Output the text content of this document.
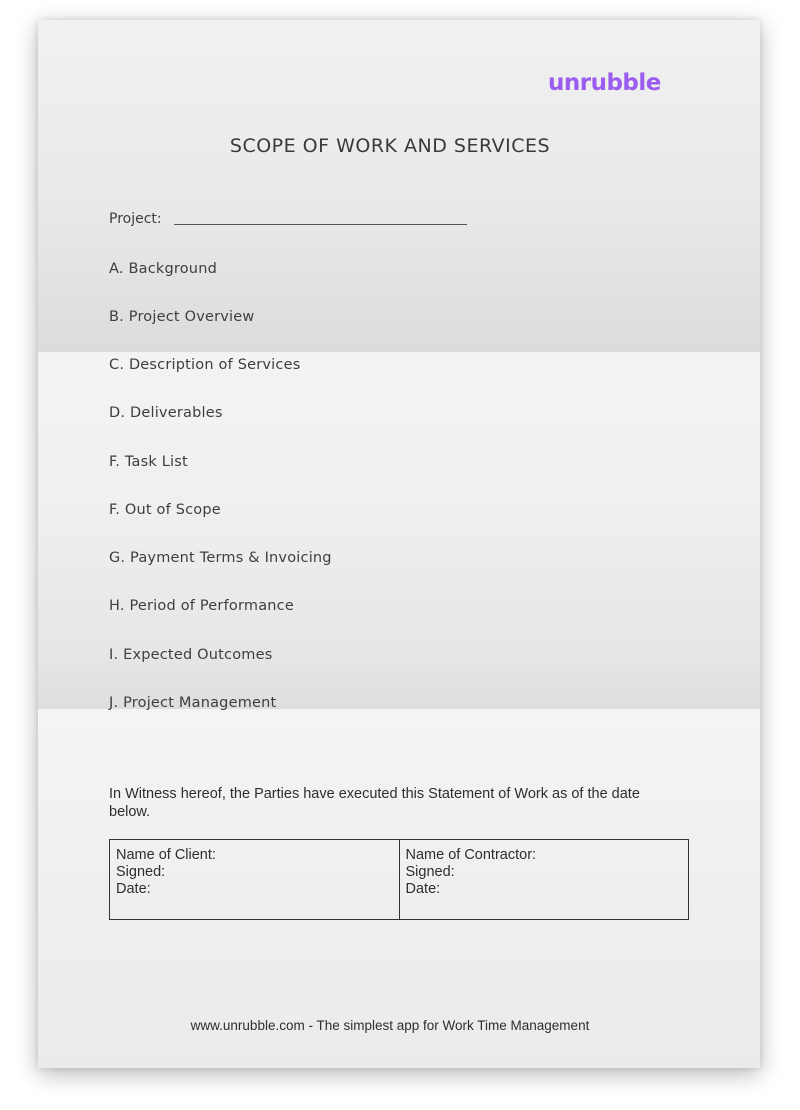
unrubble
SCOPE OF WORK AND SERVICES
Project:
A. Background
B. Project Overview
C. Description of Services
D. Deliverables
F. Task List
F. Out of Scope
G. Payment Terms & Invoicing
H. Period of Performance
I. Expected Outcomes
J. Project Management
In Witness hereof, the Parties have executed this Statement of Work as of the date below.
Name of Client:
Signed:
Date:
Name of Contractor:
Signed:
Date:
www.unrubble.com - The simplest app for Work Time Management
